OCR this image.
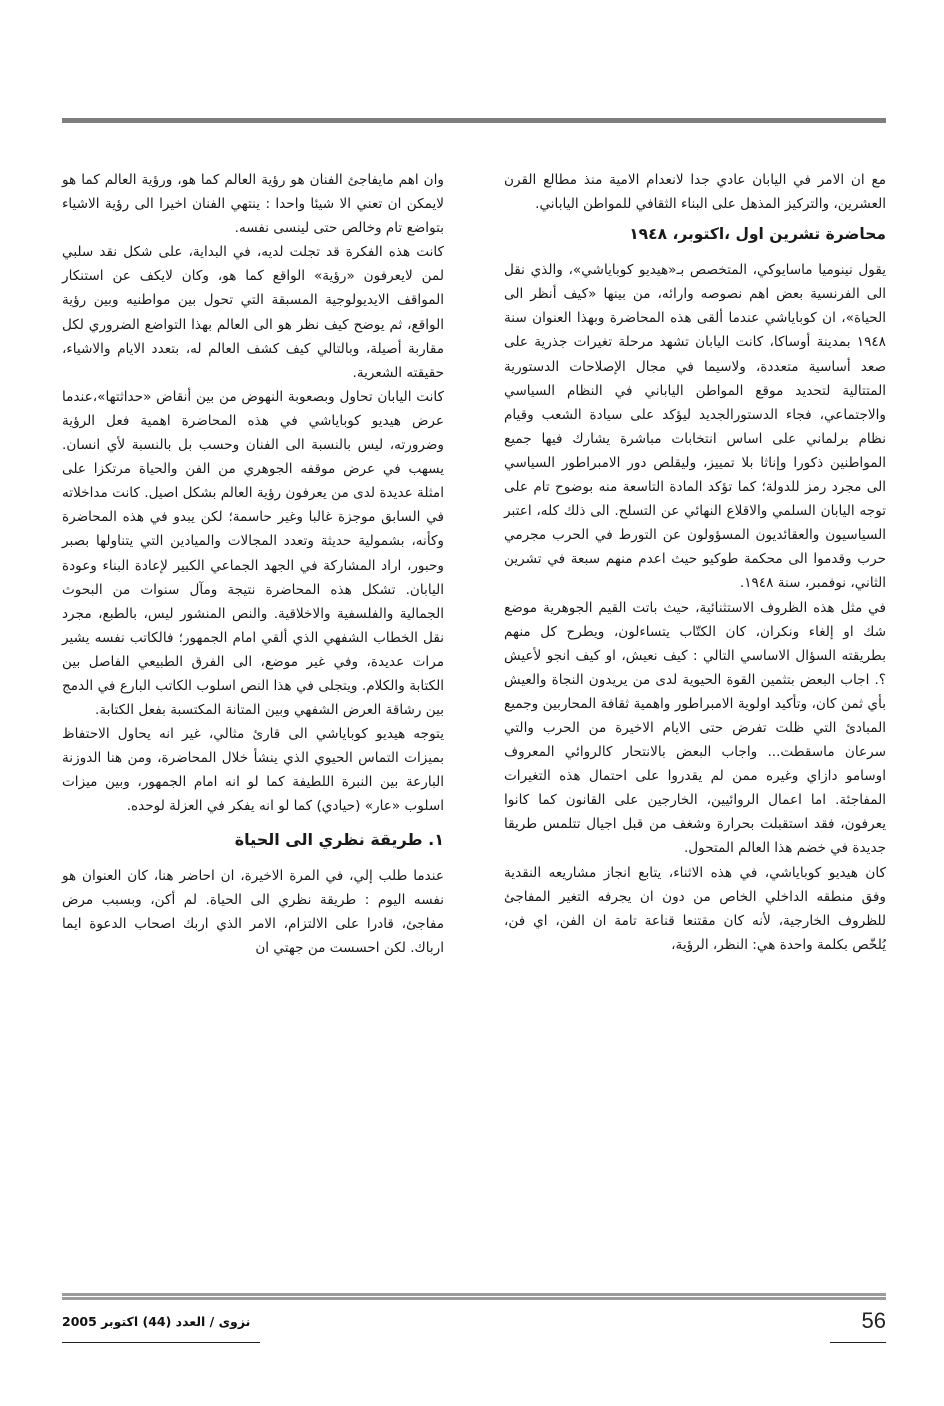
مع ان الامر في اليابان عادي جدا لانعدام الامية منذ مطالع القرن العشرين، والتركيز المذهل على البناء الثقافي للمواطن الياباني.

محاضرة تشرين اول ،اكتوبر، ١٩٤٨

يقول نينوميا ماسايوكي، المتخصص بـ«هيديو كوباياشي»، والذي نقل الى الفرنسية بعض اهم نصوصه وارائه، من بينها «كيف أنظر الى الحياة»، ان كوباياشي عندما ألقى هذه المحاضرة وبهذا العنوان سنة ١٩٤٨ بمدينة أوساكا، كانت اليابان تشهد مرحلة تغيرات جذرية على صعد أساسية متعددة، ولاسيما في مجال الإصلاحات الدستورية المتتالية لتحديد موقع المواطن الياباني في النظام السياسي والاجتماعي، فجاء الدستورالجديد ليؤكد على سيادة الشعب وقيام نظام برلماني على اساس انتخابات مباشرة يشارك فيها جميع المواطنين ذكورا وإناثا بلا تمييز، وليقلص دور الامبراطور السياسي الى مجرد رمز للدولة؛ كما تؤكد المادة التاسعة منه بوضوح تام على توجه اليابان السلمي والاقلاع النهائي عن التسلح. الى ذلك كله، اعتبر السياسيون والعقائديون المسؤولون عن التورط في الحرب مجرمي حرب وقدموا الى محكمة طوكيو حيث اعدم منهم سبعة في تشرين الثاني، نوفمبر، سنة ١٩٤٨.

في مثل هذه الظروف الاستثنائية، حيث باتت القيم الجوهرية موضع شك او إلغاء ونكران، كان الكتّاب يتساءلون، ويطرح كل منهم بطريقته السؤال الاساسي التالي : كيف نعيش، او كيف انجو لأعيش ؟. اجاب البعض بتثمين القوة الحيوية لدى من يريدون النجاة والعيش بأي ثمن كان، وتأكيد اولوية الامبراطور واهمية ثقافة المحاربين وجميع المبادئ التي ظلت تفرض حتى الايام الاخيرة من الحرب والتي سرعان ماسقطت... واجاب البعض بالانتحار كالروائي المعروف اوسامو دازاي وغيره ممن لم يقدروا على احتمال هذه التغيرات المفاجئة. اما اعمال الروائيين، الخارجين على القانون كما كانوا يعرفون، فقد استقبلت بحرارة وشغف من قبل اجيال تتلمس طريقا جديدة في خضم هذا العالم المتحول.

كان هيديو كوباياشي، في هذه الاثناء، يتابع انجاز مشاريعه النقدية وفق منطقه الداخلي الخاص من دون ان يجرفه التغير المفاجئ للظروف الخارجية، لأنه كان مقتنعا قناعة تامة ان الفن، اي فن، يُلخّص بكلمة واحدة هي: النظر، الرؤية،

وان اهم مايفاجئ الفنان هو رؤية العالم كما هو، ورؤية العالم كما هو لايمكن ان تعني الا شيئا واحدا : ينتهي الفنان اخيرا الى رؤية الاشياء بتواضع تام وخالص حتى لينسى نفسه.

كانت هذه الفكرة قد تجلت لديه، في البداية، على شكل نقد سلبي لمن لايعرفون «رؤية» الواقع كما هو، وكان لايكف عن استنكار المواقف الايديولوجية المسبقة التي تحول بين مواطنيه وبين رؤية الواقع، ثم يوضح كيف نظر هو الى العالم بهذا التواضع الضروري لكل مقاربة أصيلة، وبالتالي كيف كشف العالم له، بتعدد الايام والاشياء، حقيقته الشعرية.

كانت اليابان تحاول وبصعوبة النهوض من بين أنقاض «حداثتها»،عندما عرض هيديو كوباياشي في هذه المحاضرة اهمية فعل الرؤية وضرورته، ليس بالنسبة الى الفنان وحسب بل بالنسبة لأي انسان. يسهب في عرض موقفه الجوهري من الفن والحياة مرتكزا على امثلة عديدة لدى من يعرفون رؤية العالم بشكل اصيل. كانت مداخلاته في السابق موجزة غالبا وغير حاسمة؛ لكن يبدو في هذه المحاضرة وكأنه، بشمولية حديثة وتعدد المجالات والميادين التي يتناولها بصبر وحبور، اراد المشاركة في الجهد الجماعي الكبير لإعادة البناء وعودة اليابان. تشكل هذه المحاضرة نتيجة ومآل سنوات من البحوث الجمالية والفلسفية والاخلاقية. والنص المنشور ليس، بالطبع، مجرد نقل الخطاب الشفهي الذي ألقي امام الجمهور؛ فالكاتب نفسه يشير مرات عديدة، وفي غير موضع، الى الفرق الطبيعي الفاصل بين الكتابة والكلام. ويتجلى في هذا النص اسلوب الكاتب البارع في الدمج بين رشاقة العرض الشفهي وبين المتانة المكتسبة بفعل الكتابة.

يتوجه هيديو كوباياشي الى قارئ مثالي، غير انه يحاول الاحتفاظ بميزات التماس الحيوي الذي ينشأ خلال المحاضرة، ومن هنا الدوزنة البارعة بين النبرة اللطيفة كما لو انه امام الجمهور، وبين ميزات اسلوب «عار» (حيادي) كما لو انه يفكر في العزلة لوحده.

١. طريقة نظري الى الحياة

عندما طلب إلي، في المرة الاخيرة، ان احاضر هنا، كان العنوان هو نفسه اليوم : طريقة نظري الى الحياة. لم أكن، وبسبب مرض مفاجئ، قادرا على الالتزام، الامر الذي اربك اصحاب الدعوة ايما ارباك. لكن احسست من جهتي ان

نزوى / العدد (44) اكتوبر 2005	56
